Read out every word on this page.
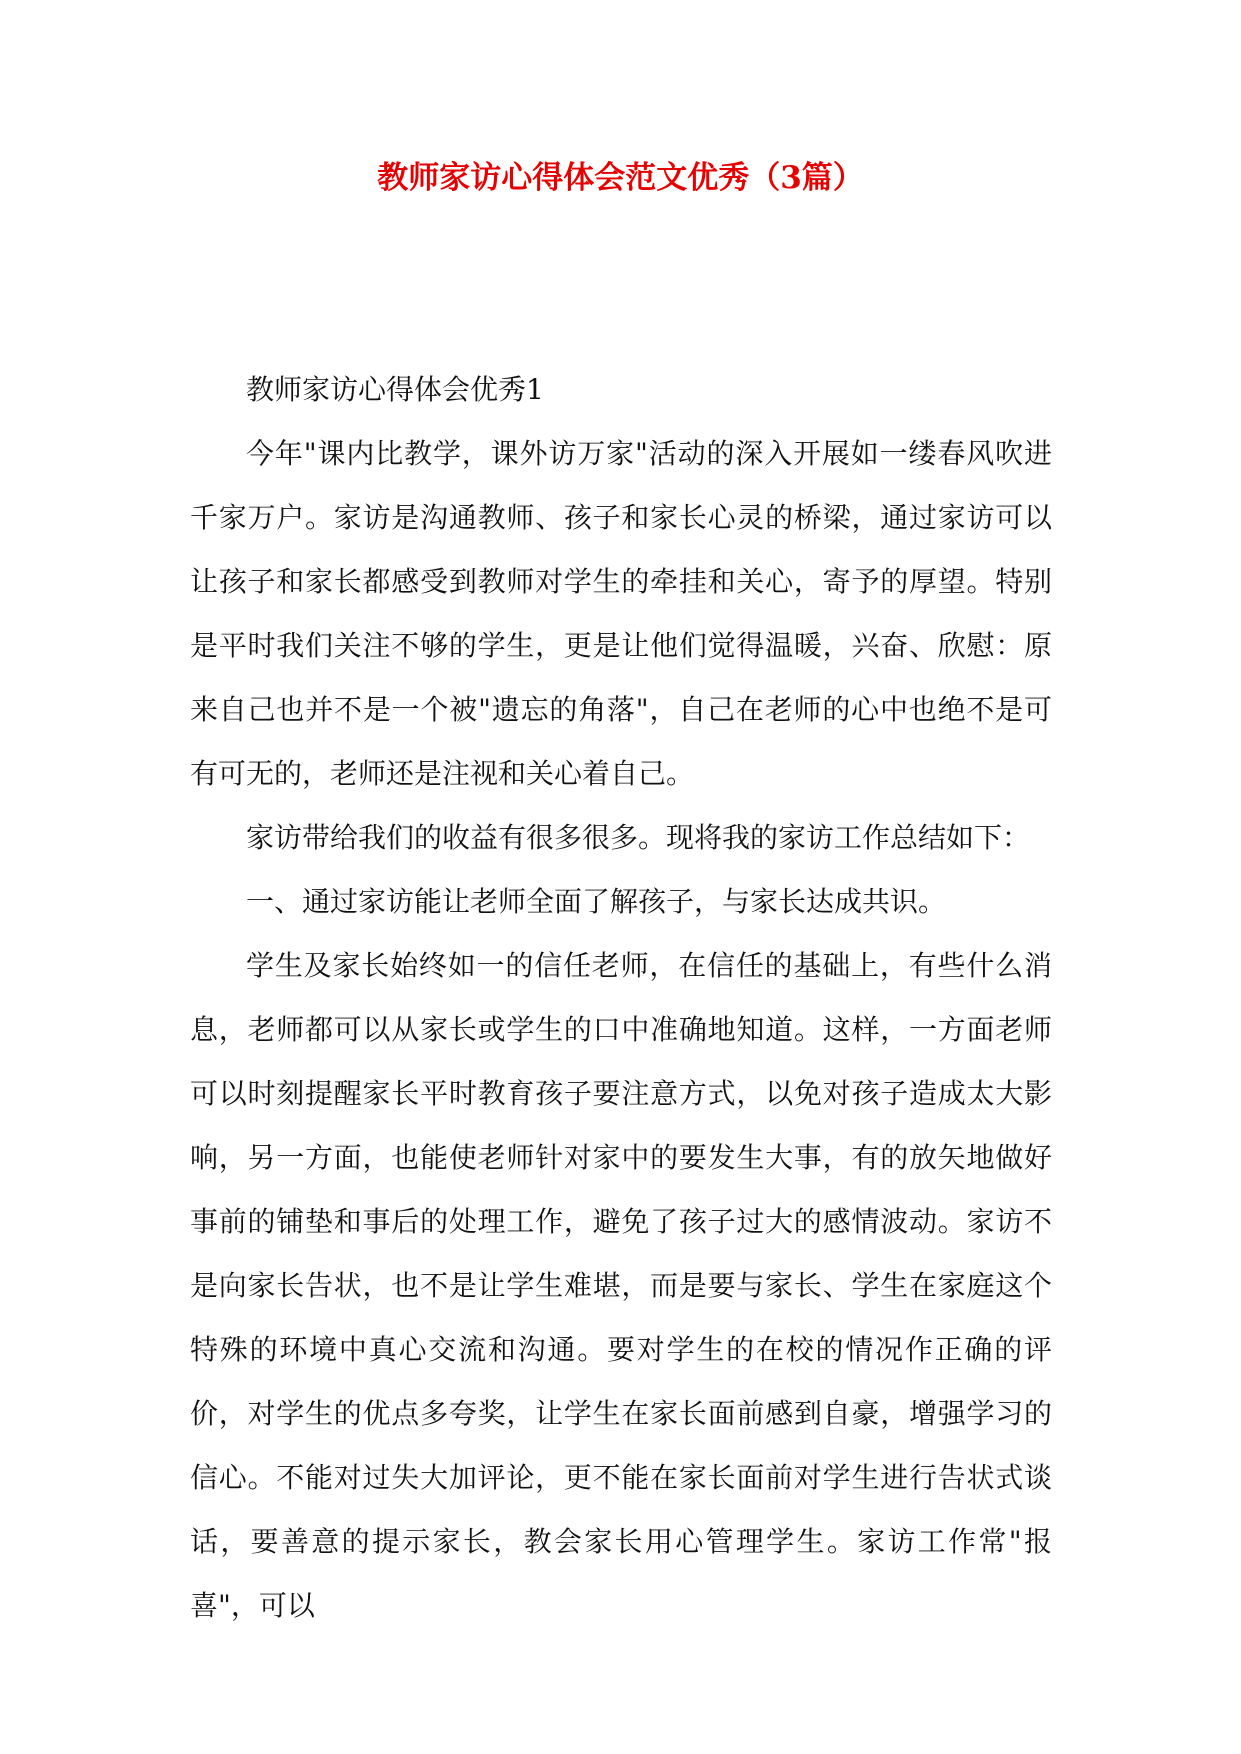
教师家访心得体会范文优秀（3篇）

教师家访心得体会优秀1

今年"课内比教学，课外访万家"活动的深入开展如一缕春风吹进千家万户。家访是沟通教师、孩子和家长心灵的桥梁，通过家访可以让孩子和家长都感受到教师对学生的牵挂和关心，寄予的厚望。特别是平时我们关注不够的学生，更是让他们觉得温暖，兴奋、欣慰：原来自己也并不是一个被"遗忘的角落"，自己在老师的心中也绝不是可有可无的，老师还是注视和关心着自己。

家访带给我们的收益有很多很多。现将我的家访工作总结如下：

一、通过家访能让老师全面了解孩子，与家长达成共识。

学生及家长始终如一的信任老师，在信任的基础上，有些什么消息，老师都可以从家长或学生的口中准确地知道。这样，一方面老师可以时刻提醒家长平时教育孩子要注意方式，以免对孩子造成太大影响，另一方面，也能使老师针对家中的要发生大事，有的放矢地做好事前的铺垫和事后的处理工作，避免了孩子过大的感情波动。家访不是向家长告状，也不是让学生难堪，而是要与家长、学生在家庭这个特殊的环境中真心交流和沟通。要对学生的在校的情况作正确的评价，对学生的优点多夸奖，让学生在家长面前感到自豪，增强学习的信心。不能对过失大加评论，更不能在家长面前对学生进行告状式谈话，要善意的提示家长，教会家长用心管理学生。家访工作常"报喜"，可以
